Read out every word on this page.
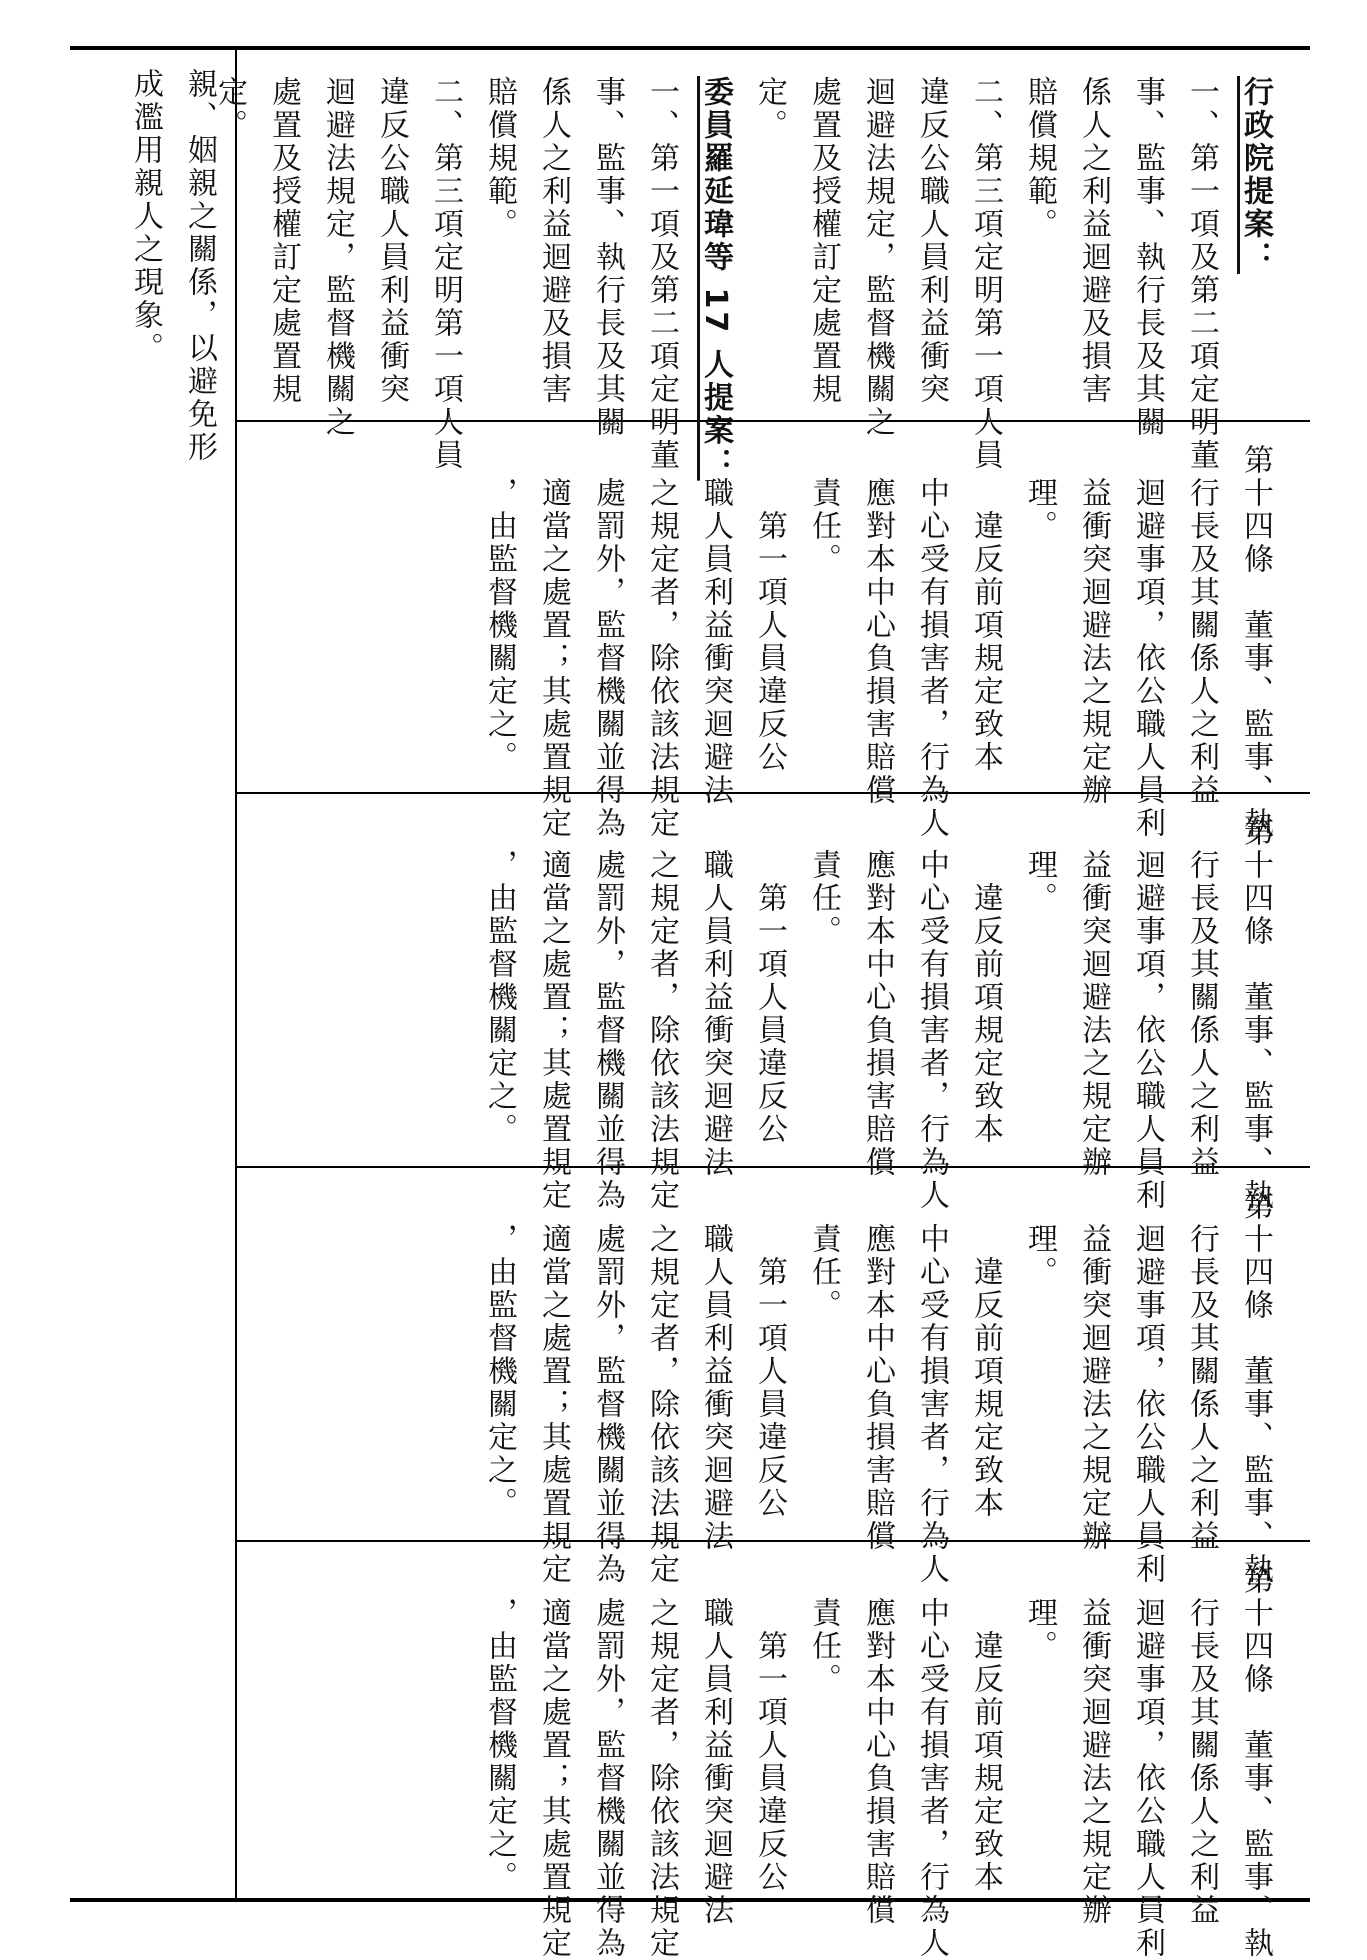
親、姻親之關係，以避免形
成濫用親人之現象。	行政院提案：
一、第一項及第二項定明董
事、監事、執行長及其關
係人之利益迴避及損害
賠償規範。
二、第三項定明第一項人員
違反公職人員利益衝突
迴避法規定，監督機關之
處置及授權訂定處置規
定。
委員羅延瑋等 17 人提案：
一、第一項及第二項定明董
事、監事、執行長及其關
係人之利益迴避及損害
賠償規範。
二、第三項定明第一項人員
違反公職人員利益衝突
迴避法規定，監督機關之
處置及授權訂定處置規
定。
第十四條　董事、監事、執
　行長及其關係人之利益
　迴避事項，依公職人員利
　益衝突迴避法之規定辦
　理。
　　違反前項規定致本
　中心受有損害者，行為人
　應對本中心負損害賠償
　責任。
　　第一項人員違反公
　職人員利益衝突迴避法
　之規定者，除依該法規定
　處罰外，監督機關並得為
　適當之處置；其處置規定
　，由監督機關定之。
第十四條　董事、監事、執
　行長及其關係人之利益
　迴避事項，依公職人員利
　益衝突迴避法之規定辦
　理。
　　違反前項規定致本
　中心受有損害者，行為人
　應對本中心負損害賠償
　責任。
　　第一項人員違反公
　職人員利益衝突迴避法
　之規定者，除依該法規定
　處罰外，監督機關並得為
　適當之處置；其處置規定
　，由監督機關定之。
第十四條　董事、監事、執
　行長及其關係人之利益
　迴避事項，依公職人員利
　益衝突迴避法之規定辦
　理。
　　違反前項規定致本
　中心受有損害者，行為人
　應對本中心負損害賠償
　責任。
　　第一項人員違反公
　職人員利益衝突迴避法
　之規定者，除依該法規定
　處罰外，監督機關並得為
　適當之處置；其處置規定
　，由監督機關定之。
第十四條　董事、監事、執
　行長及其關係人之利益
　迴避事項，依公職人員利
　益衝突迴避法之規定辦
　理。
　　違反前項規定致本
　中心受有損害者，行為人
　應對本中心負損害賠償
　責任。
　　第一項人員違反公
　職人員利益衝突迴避法
　之規定者，除依該法規定
　處罰外，監督機關並得為
　適當之處置；其處置規定
　，由監督機關定之。
